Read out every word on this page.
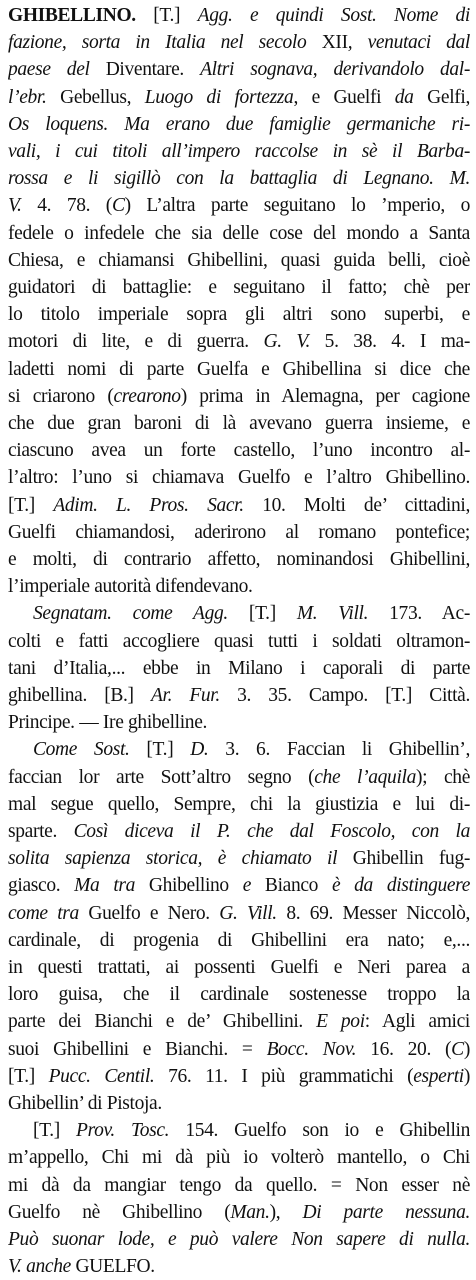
GHIBELLINO. [T.] Agg. e quindi Sost. Nome di
fazione, sorta in Italia nel secolo XII, venutaci dal
paese del Diventare. Altri sognava, derivandolo dal-
l’ebr. Gebellus, Luogo di fortezza, e Guelfi da Gelfi,
Os loquens. Ma erano due famiglie germaniche ri-
vali, i cui titoli all’impero raccolse in sè il Barba-
rossa e li sigillò con la battaglia di Legnano. M.
V. 4. 78. (C) L’altra parte seguitano lo ’mperio, o
fedele o infedele che sia delle cose del mondo a Santa
Chiesa, e chiamansi Ghibellini, quasi guida belli, cioè
guidatori di battaglie: e seguitano il fatto; chè per
lo titolo imperiale sopra gli altri sono superbi, e
motori di lite, e di guerra. G. V. 5. 38. 4. I ma-
ladetti nomi di parte Guelfa e Ghibellina si dice che
si criarono (crearono) prima in Alemagna, per cagione
che due gran baroni di là avevano guerra insieme, e
ciascuno avea un forte castello, l’uno incontro al-
l’altro: l’uno si chiamava Guelfo e l’altro Ghibellino.
[T.] Adim. L. Pros. Sacr. 10. Molti de’ cittadini,
Guelfi chiamandosi, aderirono al romano pontefice;
e molti, di contrario affetto, nominandosi Ghibellini,
l’imperiale autorità difendevano.
Segnatam. come Agg. [T.] M. Vill. 173. Ac-
colti e fatti accogliere quasi tutti i soldati oltramon-
tani d’Italia,... ebbe in Milano i caporali di parte
ghibellina. [B.] Ar. Fur. 3. 35. Campo. [T.] Città.
Principe. — Ire ghibelline.
Come Sost. [T.] D. 3. 6. Faccian li Ghibellin’,
faccian lor arte Sott’altro segno (che l’aquila); chè
mal segue quello, Sempre, chi la giustizia e lui di-
sparte. Così diceva il P. che dal Foscolo, con la
solita sapienza storica, è chiamato il Ghibellin fug-
giasco. Ma tra Ghibellino e Bianco è da distinguere
come tra Guelfo e Nero. G. Vill. 8. 69. Messer Niccolò,
cardinale, di progenia di Ghibellini era nato; e,...
in questi trattati, ai possenti Guelfi e Neri parea a
loro guisa, che il cardinale sostenesse troppo la
parte dei Bianchi e de’ Ghibellini. E poi: Agli amici
suoi Ghibellini e Bianchi. = Bocc. Nov. 16. 20. (C)
[T.] Pucc. Centil. 76. 11. I più grammatichi (esperti)
Ghibellin’ di Pistoja.
[T.] Prov. Tosc. 154. Guelfo son io e Ghibellin
m’appello, Chi mi dà più io volterò mantello, o Chi
mi dà da mangiar tengo da quello. = Non esser nè
Guelfo nè Ghibellino (Man.), Di parte nessuna.
Può suonar lode, e può valere Non sapere di nulla.
V. anche GUELFO.
